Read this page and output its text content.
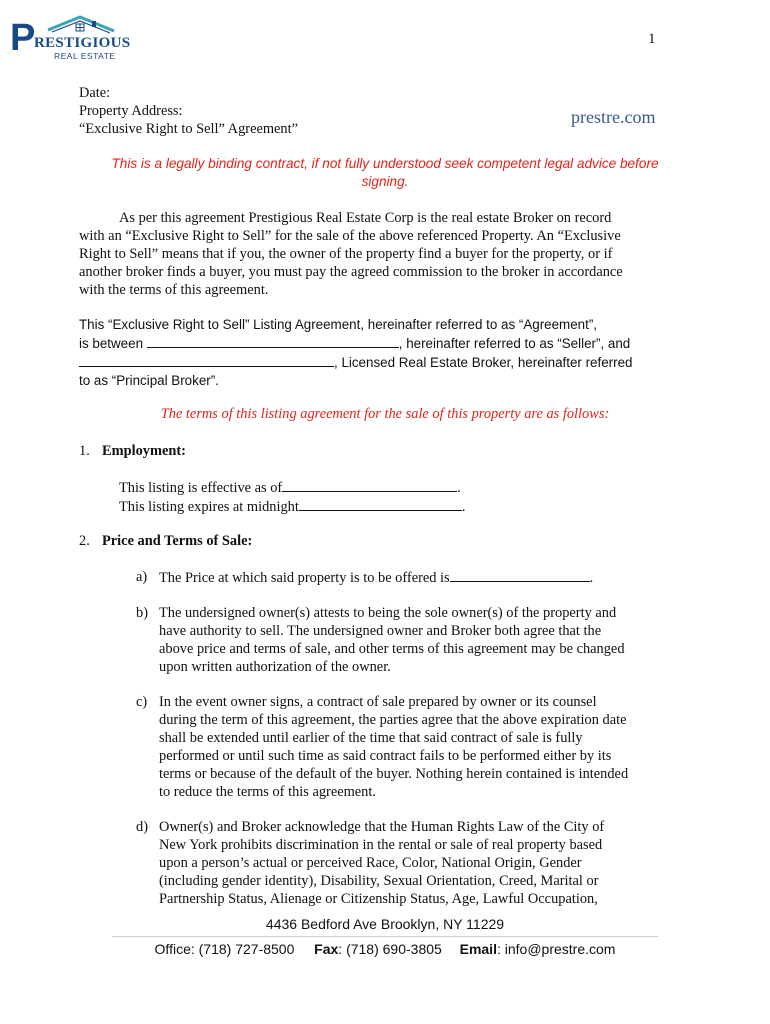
P
RESTIGIOUS
REAL ESTATE
1
Date:
Property Address:
“Exclusive Right to Sell” Agreement”
prestre.com
This is a legally binding contract, if not fully understood seek competent legal advice before
signing.
As per this agreement Prestigious Real Estate Corp is the real estate Broker on record
with an “Exclusive Right to Sell” for the sale of the above referenced Property. An “Exclusive
Right to Sell” means that if you, the owner of the property find a buyer for the property, or if
another broker finds a buyer, you must pay the agreed commission to the broker in accordance
with the terms of this agreement.
This “Exclusive Right to Sell” Listing Agreement, hereinafter referred to as “Agreement”,
is between	, hereinafter referred to as “Seller”, and
, Licensed Real Estate Broker, hereinafter referred
to as “Principal Broker”.
The terms of this listing agreement for the sale of this property are as follows:
1. Employment:
This listing is effective as of	.
This listing expires at midnight	.
2. Price and Terms of Sale:
a) The Price at which said property is to be offered is	.
b) The undersigned owner(s) attests to being the sole owner(s) of the property and
have authority to sell. The undersigned owner and Broker both agree that the
above price and terms of sale, and other terms of this agreement may be changed
upon written authorization of the owner.
c) In the event owner signs, a contract of sale prepared by owner or its counsel
during the term of this agreement, the parties agree that the above expiration date
shall be extended until earlier of the time that said contract of sale is fully
performed or until such time as said contract fails to be performed either by its
terms or because of the default of the buyer. Nothing herein contained is intended
to reduce the terms of this agreement.
d) Owner(s) and Broker acknowledge that the Human Rights Law of the City of
New York prohibits discrimination in the rental or sale of real property based
upon a person’s actual or perceived Race, Color, National Origin, Gender
(including gender identity), Disability, Sexual Orientation, Creed, Marital or
Partnership Status, Alienage or Citizenship Status, Age, Lawful Occupation,
4436 Bedford Ave Brooklyn, NY 11229
Office: (718) 727-8500 Fax: (718) 690-3805 Email: info@prestre.com
